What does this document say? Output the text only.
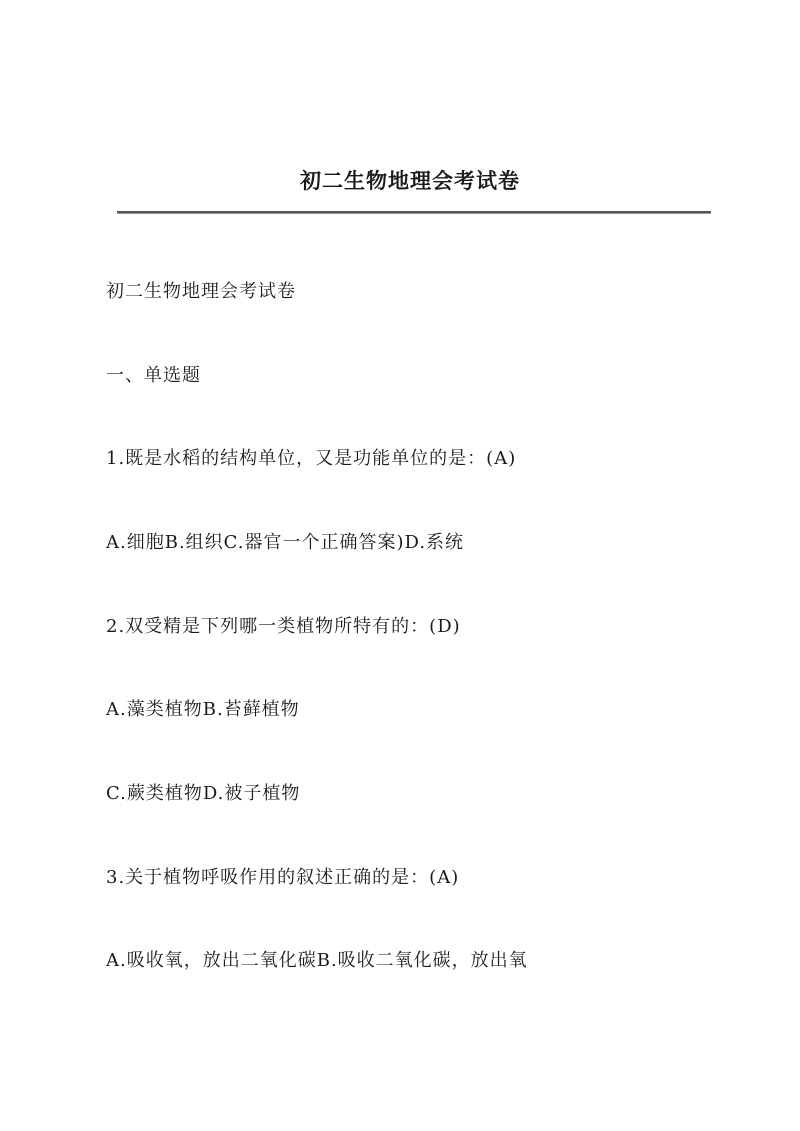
初二生物地理会考试卷

初二生物地理会考试卷

一、单选题

1.既是水稻的结构单位，又是功能单位的是：(A)

A.细胞B.组织C.器官一个正确答案)D.系统

2.双受精是下列哪一类植物所特有的：(D)

A.藻类植物B.苔藓植物

C.蕨类植物D.被子植物

3.关于植物呼吸作用的叙述正确的是：(A)

A.吸收氧，放出二氧化碳B.吸收二氧化碳，放出氧
